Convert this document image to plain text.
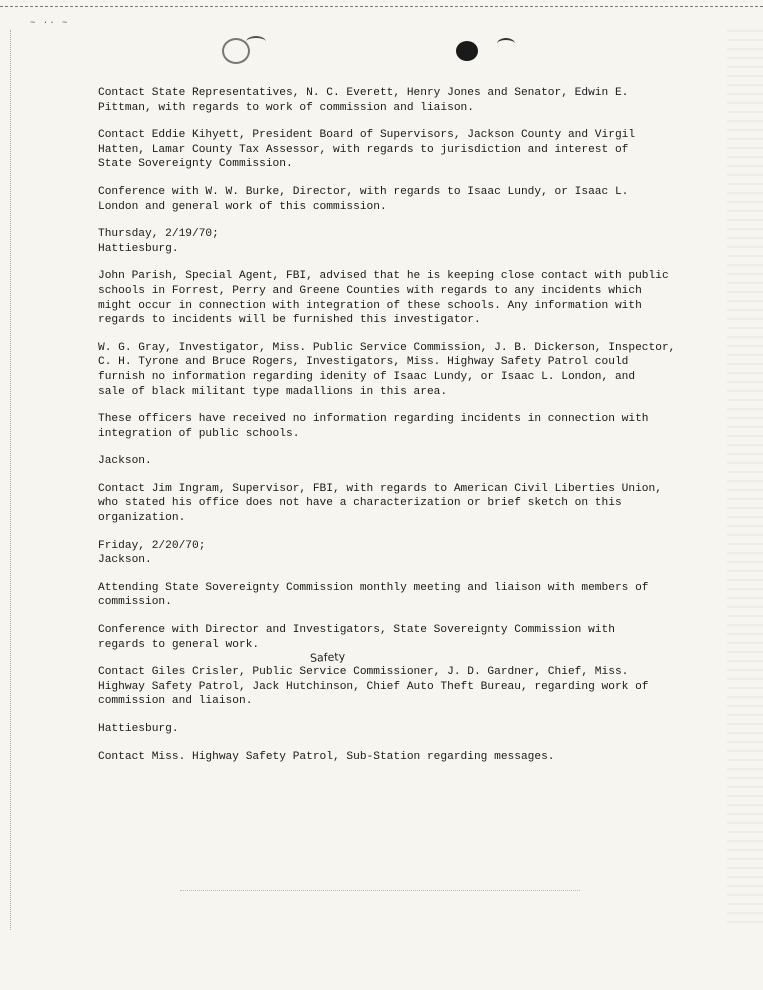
~ ·· ~

Contact State Representatives, N. C. Everett, Henry Jones and Senator, Edwin E.
Pittman, with regards to work of commission and liaison.

Contact Eddie Kihyett, President Board of Supervisors, Jackson County and Virgil
Hatten, Lamar County Tax Assessor, with regards to jurisdiction and interest of
State Sovereignty Commission.

Conference with W. W. Burke, Director, with regards to Isaac Lundy, or Isaac L.
London and general work of this commission.

Thursday, 2/19/70;
Hattiesburg.

John Parish, Special Agent, FBI, advised that he is keeping close contact with public
schools in Forrest, Perry and Greene Counties with regards to any incidents which
might occur in connection with integration of these schools. Any information with
regards to incidents will be furnished this investigator.

W. G. Gray, Investigator, Miss. Public Service Commission, J. B. Dickerson, Inspector,
C. H. Tyrone and Bruce Rogers, Investigators, Miss. Highway Safety Patrol could
furnish no information regarding idenity of Isaac Lundy, or Isaac L. London, and
sale of black militant type madallions in this area.

These officers have received no information regarding incidents in connection with
integration of public schools.

Jackson.

Contact Jim Ingram, Supervisor, FBI, with regards to American Civil Liberties Union,
who stated his office does not have a characterization or brief sketch on this
organization.

Friday, 2/20/70;
Jackson.

Attending State Sovereignty Commission monthly meeting and liaison with members of
commission.

Conference with Director and Investigators, State Sovereignty Commission with
regards to general work.

Contact Giles Crisler, Public Service Commissioner, J. D. Gardner, Chief, Miss.
Highway Safety Patrol, Jack Hutchinson, Chief Auto Theft Bureau, regarding work of
commission and liaison.

Hattiesburg.

Contact Miss. Highway Safety Patrol, Sub-Station regarding messages.

Safety
